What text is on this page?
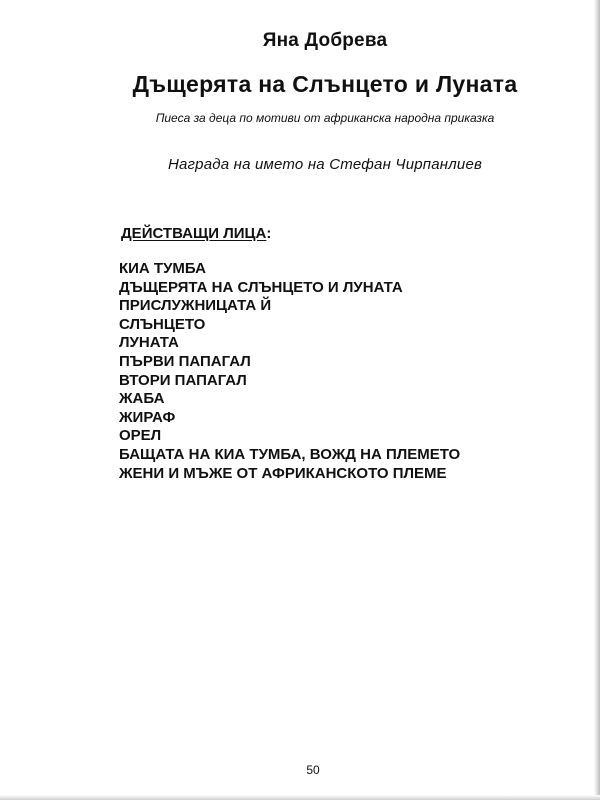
Яна Добрева
Дъщерята на Слънцето и Луната
Пиеса за деца по мотиви от африканска народна приказка
Награда на името на Стефан Чирпанлиев
ДЕЙСТВАЩИ ЛИЦА:
КИА ТУМБА
ДЪЩЕРЯТА НА СЛЪНЦЕТО И ЛУНАТА
ПРИСЛУЖНИЦАТА Й
СЛЪНЦЕТО
ЛУНАТА
ПЪРВИ ПАПАГАЛ
ВТОРИ ПАПАГАЛ
ЖАБА
ЖИРАФ
ОРЕЛ
БАЩАТА НА КИА ТУМБА, ВОЖД НА ПЛЕМЕТО
ЖЕНИ И МЪЖЕ ОТ АФРИКАНСКОТО ПЛЕМЕ
50
